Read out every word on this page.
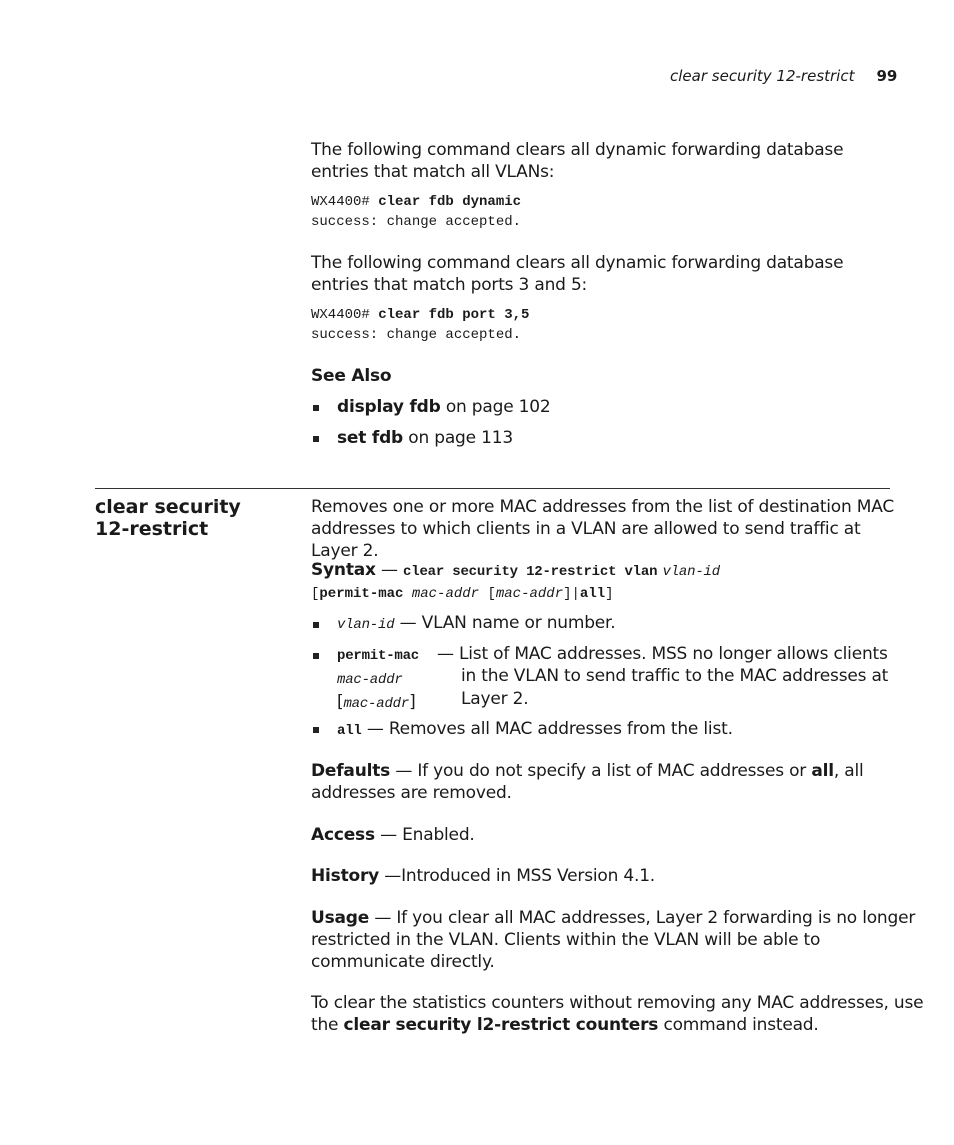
clear security 12-restrict 99
The following command clears all dynamic forwarding database entries that match all VLANs:
WX4400# clear fdb dynamic
success: change accepted.
The following command clears all dynamic forwarding database entries that match ports 3 and 5:
WX4400# clear fdb port 3,5
success: change accepted.
See Also
display fdb on page 102
set fdb on page 113
clear security
12-restrict
Removes one or more MAC addresses from the list of destination MAC addresses to which clients in a VLAN are allowed to send traffic at Layer 2.
Syntax — clear security 12-restrict vlan vlan-id
[permit-mac mac-addr [mac-addr]|all]
vlan-id — VLAN name or number.
permit-mac
mac-addr
[mac-addr]
— List of MAC addresses. MSS no longer allows clients
in the VLAN to send traffic to the MAC addresses at
Layer 2.
all — Removes all MAC addresses from the list.
Defaults — If you do not specify a list of MAC addresses or all, all
addresses are removed.
Access — Enabled.
History —Introduced in MSS Version 4.1.
Usage — If you clear all MAC addresses, Layer 2 forwarding is no longer
restricted in the VLAN. Clients within the VLAN will be able to
communicate directly.
To clear the statistics counters without removing any MAC addresses, use
the clear security l2-restrict counters command instead.
